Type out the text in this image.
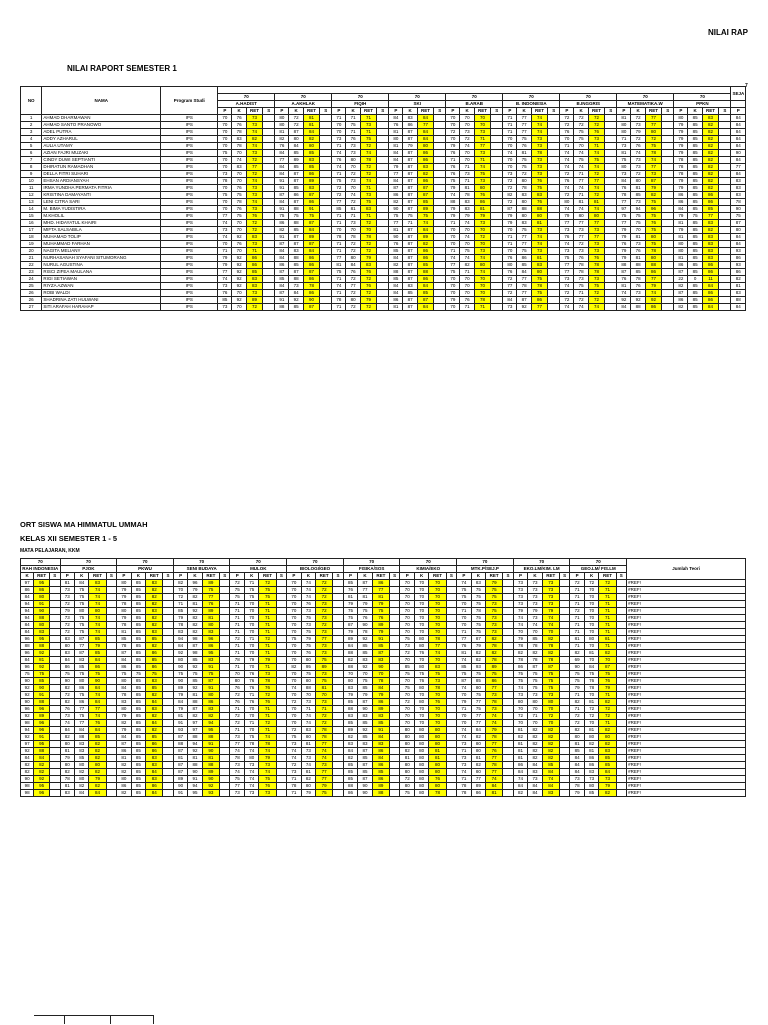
NILAI RAP
NILAI RAPORT SEMESTER 1
7
NO	NAMA	Program Studi																																					SEJA
			70				70				70				70				70				70				70				70				70				
			A.HADIST				A.AKHLAK				FIQIH				SKI				B.ARAB				B. INDONESIA				B.INGGRIS				MATEMATIKA.W				PPKN				
			P	K	RET	S	P	K	RET	S	P	K	RET	S	P	K	RET	S	P	K	RET	S	P	K	RET	S	P	K	RET	S	P	K	RET	S	P	K	RET	S	P
1	AHMAD DHARMAWAN	IPS	70	76	73		80	72	81		71	71	71		84	83	84		70	70	70		71	77	74		72	72	72		81	72	77		80	85	83		84
2	AHMAD SANTO PRANOWO	IPS	70	76	73		80	72	81		70	75	73		76	86	77		70	70	70		71	77	74		72	72	72		80	73	77		79	85	82		84
3	ADEL PUTRA	IPS	70	78	74		81	87	84		70	71	71		81	87	84		72	73	73		71	77	74		76	75	76		80	79	80		79	85	82		84
4	ADDY AZHARUL	IPS	70	83	82		82	80	82		73	76	75		80	87	84		70	72	71		70	75	73		70	75	73		71	72	72		79	85	82		84
5	AULIA UTAMY	IPS	70	78	74		76	84	80		71	73	72		81	79	80		79	74	77		70	76	73		71	70	71		73	76	75		79	85	82		84
6	AZIAN FAJRI MUZAKI	IPS	75	70	73		84	85	85		74	73	74		84	87	86		76	70	73		74	81	78		74	74	74		81	74	78		79	85	82		90
7	CINDY DUWI SEPTIANTI	IPS	70	74	72		77	89	83		76	80	78		84	87	86		71	70	71		70	75	73		74	75	75		75	73	74		78	85	82		84
8	DHIRATUN RAMADHAN	IPS	70	83	77		84	85	85		74	70	72		79	87	83		76	71	74		70	75	73		74	74	74		80	73	77		78	85	82		77
9	DELLA FITRI SUHARI	IPS	73	70	72		84	87	86		71	72	72		77	87	82		76	73	75		73	72	73		72	71	72		73	72	73		78	85	82		84
10	EHSAN ARDIANSYAH	IPS	78	70	74		91	87	89		75	73	74		84	87	86		75	71	73		72	80	76		76	77	77		84	80	87		79	85	82		83
11	IRMA YUNDHA PERMATA FITRIA	IPS	70	76	73		91	85	83		72	70	71		87	87	87		79	81	80		72	78	75		74	74	74		76	81	79		79	85	82		83
12	KRISTINA DAMAYANTI	IPS	75	75	73		87	86	87		72	74	73		86	87	87		74	78	76		82	83	83		72	71	72		78	85	82		86	85	86		83
13	LENI CITRA SARI	IPS	70	78	74		84	87	86		77	72	75		82	87	85		88	83	86		72	80	76		80	81	81		77	73	75		86	85	86		78
14	M. BIMA YUDISTIRA	IPS	70	76	73		91	88	91		85	81	83		90	87	89		79	83	81		87	88	88		74	74	74		97	94	96		84	85	85		90
15	M.KHOLIL	IPS	77	75	76		75	75	75		71	71	71		75	75	75		79	79	79		79	80	80		79	80	80		75	75	75		79	75	77		75
16	MHD. HIDAYATUL KHAIRI	IPS	74	70	72		86	88	87		71	73	72		77	71	74		71	74	73		79	83	81		77	77	77		77	75	76		81	85	83		87
17	MIFTA SALSABILA	IPS	73	70	72		82	85	84		70	70	70		81	87	84		70	70	70		70	75	73		73	73	73		79	70	75		79	85	82		80
18	MUHAMAD TOLIP	IPS	74	92	83		91	87	89		78	78	78		90	87	89		70	74	72		71	77	74		76	77	77		79	81	80		81	85	83		84
19	MUHAMMAD FARHAN	IPS	70	76	73		87	87	87		71	72	72		76	87	82		70	70	70		71	77	74		74	72	73		76	73	75		80	85	83		84
20	NAGITA MELIANY	IPS	71	70	71		84	83	84		71	72	72		85	87	86		71	75	73		70	75	73		73	73	73		79	76	78		80	85	83		93
21	NURHASANAH SYAFANI SITUMORANG	IPS	79	92	86		84	88	86		77	80	79		84	87	86		74	74	74		76	86	81		75	76	76		79	81	80		81	85	83		86
22	NURUL AGUSTINA	IPS	79	92	86		86	85	86		81	84	83		82	87	85		77	82	80		80	85	83		77	78	78		88	88	88		86	85	86		93
23	RISCI ZIFEA MAULANA	IPS	77	92	85		87	87	87		75	76	76		88	87	88		75	71	74		76	84	80		77	78	78		87	85	86		87	85	86		86
24	RIGI SETIAWAN	IPS	74	92	83		85	88	86		71	72	72		85	87	86		70	70	70		72	77	75		73	73	73		76	78	77		22	0	11		82
25	RIYZA AZWAN	IPS	73	92	83		84	73	78		74	77	76		84	83	84		70	70	70		77	78	78		74	75	75		81	76	79		82	85	84		81
26	ROBI WALDI	IPS	76	70	73		87	84	86		71	72	72		84	85	85		70	70	70		72	77	75		72	71	72		74	73	74		87	85	86		83
26	SHADRINA ZATI HULWANI	IPS	85	92	89		91	92	90		78	80	79		86	87	87		79	76	78		84	87	86		72	72	72		92	92	92		86	85	86		88
27	SITI ARAFAH HARAHAP	IPS	73	70	72		88	85	87		71	72	72		81	87	84		70	71	71		73	92	77		74	74	74		84	88	86		82	85	84		84
ORT SISWA MA HIMMATUL UMMAH
KELAS XII SEMESTER 1 - 5
MATA PELAJARAN, KKM
70			70				70				70				70				70				70				70				70				70				70				Jumlah Teori
RAH INDONESIA			PJOK				PKWU				SENI BUDAYA				MULOK				BIOLOGI/GEO				FISIKA/SOS				KIMIA/EKO				MTK.P/SEJ.P				EKO.LM/KIM. LM				GEO.LM/ FIS.LM				
K	RET	S	P	K	RET	S	P	K	RET	S	P	K	RET	S	P	K	RET	S	P	K	RET	S	P	K	RET	S	P	K	RET	S	P	K	RET	S	P	K	RET	S	P	K	RET	S	
97	95		81	84	83		80	85	83		82	96	89		72	71	72		70	74	72		85	87	86		70	70	70		74	83	79		73	73	73		72	72	72		#REF!
86	86		73	75	74		79	85	82		70	79	75		75	75	75		70	74	72		76	77	77		70	70	70		75	75	75		73	73	73		71	70	71		#REF!
84	80		73	75	74		79	85	82		72	82	77		75	75	75		70	74	72		81	81	81		70	70	70		75	75	75		73	73	73		71	70	71		#REF!
94	91		72	75	74		78	85	82		71	81	76		71	70	71		70	76	73		79	79	79		70	70	70		70	75	73		73	73	73		71	70	71		#REF!
94	90		79	80	80		80	85	83		85	92	89		71	70	71		70	73	72		75	75	75		70	70	70		71	78	75		79	79	79		72	70	71		#REF!
94	88		73	75	74		79	85	82		79	82	81		71	70	71		70	75	73		75	76	76		70	70	70		70	75	73		74	73	74		71	70	71		#REF!
84	80		72	75	74		78	85	82		78	82	80		71	70	71		70	73	72		87	90	89		70	70	70		70	75	73		74	74	74		71	70	71		#REF!
84	83		72	75	74		81	85	83		83	82	83		71	70	71		70	75	73		79	78	79		70	70	70		71	75	73		70	70	70		71	70	71		#REF!
96	95		83	87	85		85	85	85		94	98	96		72	71	72		75	79	77		89	92	91		75	80	78		77	87	82		79	85	82		81	80	81		#REF!
88	88		80	77	79		78	85	82		84	87	86		71	70	71		70	75	73		84	85	85		73	80	77		76	79	78		78	78	78		71	70	71		#REF!
96	92		83	87	85		87	85	86		92	98	95		71	70	71		70	76	73		88	85	87		72	76	74		81	82	82		82	82	82		82	81	82		#REF!
84	81		84	83	84		84	85	85		80	85	83		78	79	79		70	80	75		82	83	83		70	70	70		74	82	78		78	78	78		69	70	70		#REF!
96	92		86	85	86		86	85	86		90	92	91		71	70	71		82	95	89		88	92	90		85	80	83		85	93	89		86	87	87		90	84	87		#REF!
75	75		75	75	75		75	75	75		75	75	75		70	76	73		70	75	73		70	70	70		75	75	75		75	75	75		75	75	75		75	75	75		#REF!
90	85		90	80	90		80	85	83		90	85	87		80	76	78		70	80	75		80	75	78		70	76	73		87	85	86		75	75	75		75	76	76		#REF!
92	90		82	86	84		84	85	85		89	92	91		76	76	76		74	88	81		83	85	84		75	80	78		74	80	77		74	75	75		79	78	79		#REF!
92	91		72	75	74		78	85	82		79	81	80		72	71	72		70	70	70		79	79	79		70	70	70		70	75	73		73	73	73		71	70	71		#REF!
90	88		82	86	84		83	85	84		84	88	86		76	76	76		72	73	73		85	87	86		72	80	76		79	77	78		80	80	80		82	81	82		#REF!
96	96		76	77	77		80	85	83		79	87	83		71	70	71		70	71	71		88	90	89		70	70	70		71	75	73		70	70	70		71	72	72		#REF!
92	89		73	75	74		79	85	82		81	82	82		72	70	71		70	74	72		83	83	83		70	70	70		70	77	74		72	71	72		72	72	72		#REF!
98	96		74	77	76		82	85	84		91	97	94		72	71	72		70	74	72		85	85	85		70	70	70		70	77	74		70	70	70		72	70	71		#REF!
94	96		84	84	84		79	85	82		93	97	95		71	70	71		72	83	78		89	92	91		80	80	80		74	84	79		81	82	82		82	81	82		#REF!
92	91		82	88	85		84	85	85		87	88	88		73	75	74		75	80	78		82	85	84		80	80	80		74	82	78		82	82	82		80	80	80		#REF!
97	95		80	83	82		87	85	86		88	94	91		77	78	78		73	81	77		83	83	83		80	80	80		73	80	77		81	82	82		81	82	82		#REF!
92	88		81	83	82		86	85	86		87	92	90		74	74	74		74	73	74		84	87	86		82	80	81		71	80	76		81	82	82		85	81	83		#REF!
84	84		79	85	82		81	85	83		81	81	81		78	80	79		74	73	74		82	85	84		81	80	81		73	81	77		81	82	82		84	86	85		#REF!
82	82		80	80	80		82	85	83		87	88	88		73	73	73		72	74	73		85	87	86		80	80	80		73	82	78		86	84	85		84	86	85		#REF!
82	82		82	82	82		82	85	84		87	90	89		74	74	74		73	81	77		85	85	85		80	80	80		74	80	77		84	83	84		84	83	84		#REF!
90	92		78	80	79		80	85	83		89	91	90		75	74	75		71	82	77		85	87	86		72	80	76		71	77	74		74	73	74		73	73	73		#REF!
98	95		81	82	82		86	85	86		90	94	92		77	74	76		78	80	79		88	90	89		80	80	80		78	89	84		84	84	84		78	80	79		#REF!
98	96		83	84	84		82	85	84		91	95	93		73	73	73		71	79	75		86	90	88		75	80	78		78	86	81		82	84	83		79	85	82		#REF!
